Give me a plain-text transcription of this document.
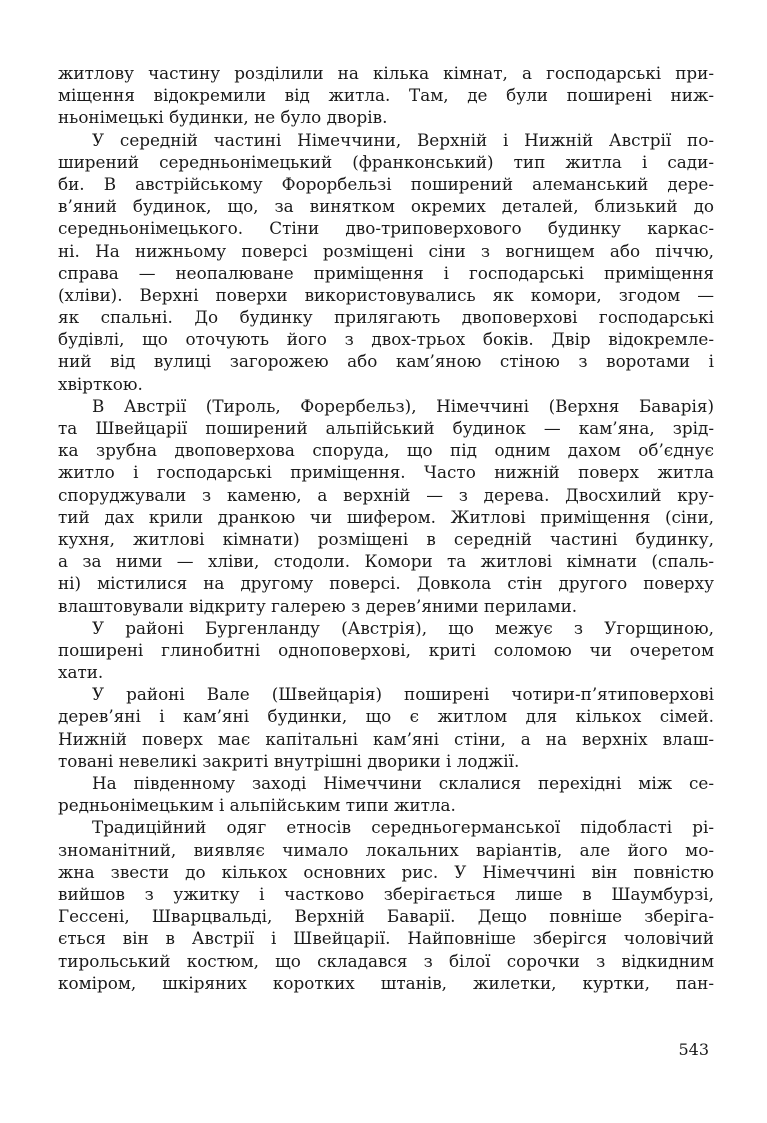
житлову частину розділили на кілька кімнат, а господарські при-
міщення відокремили від житла. Там, де були поширені ниж-
ньонімецькі будинки, не було дворів.
У середній частині Німеччини, Верхній і Нижній Австрії по-
ширений середньонімецький (франконський) тип житла і сади-
би. В австрійському Форорбельзі поширений алеманський дере-
в’яний будинок, що, за винятком окремих деталей, близький до
середньонімецького. Стіни дво-триповерхового будинку каркас-
ні. На нижньому поверсі розміщені сіни з вогнищем або піччю,
справа — неопалюване приміщення і господарські приміщення
(хліви). Верхні поверхи використовувались як комори, згодом —
як спальні. До будинку прилягають двоповерхові господарські
будівлі, що оточують його з двох-трьох боків. Двір відокремле-
ний від вулиці загорожею або кам’яною стіною з воротами і
хвірткою.
В Австрії (Тироль, Форербельз), Німеччині (Верхня Баварія)
та Швейцарії поширений альпійський будинок — кам’яна, зрід-
ка зрубна двоповерхова споруда, що під одним дахом об’єднує
житло і господарські приміщення. Часто нижній поверх житла
споруджували з каменю, а верхній — з дерева. Двосхилий кру-
тий дах крили дранкою чи шифером. Житлові приміщення (сіни,
кухня, житлові кімнати) розміщені в середній частині будинку,
а за ними — хліви, стодоли. Комори та житлові кімнати (спаль-
ні) містилися на другому поверсі. Довкола стін другого поверху
влаштовували відкриту галерею з дерев’яними перилами.
У районі Бургенланду (Австрія), що межує з Угорщиною,
поширені глинобитні одноповерхові, криті соломою чи очеретом
хати.
У районі Вале (Швейцарія) поширені чотири-п’ятиповерхові
дерев’яні і кам’яні будинки, що є житлом для кількох сімей.
Нижній поверх має капітальні кам’яні стіни, а на верхніх влаш-
товані невеликі закриті внутрішні дворики і лоджії.
На південному заході Німеччини склалися перехідні між се-
редньонімецьким і альпійським типи житла.
Традиційний одяг етносів середньогерманської підобласті рі-
зноманітний, виявляє чимало локальних варіантів, але його мо-
жна звести до кількох основних рис. У Німеччині він повністю
вийшов з ужитку і частково зберігається лише в Шаумбурзі,
Гессені, Шварцвальді, Верхній Баварії. Дещо повніше зберіга-
ється він в Австрії і Швейцарії. Найповніше зберігся чоловічий
тирольський костюм, що складався з білої сорочки з відкидним
коміром, шкіряних коротких штанів, жилетки, куртки, пан-
543
